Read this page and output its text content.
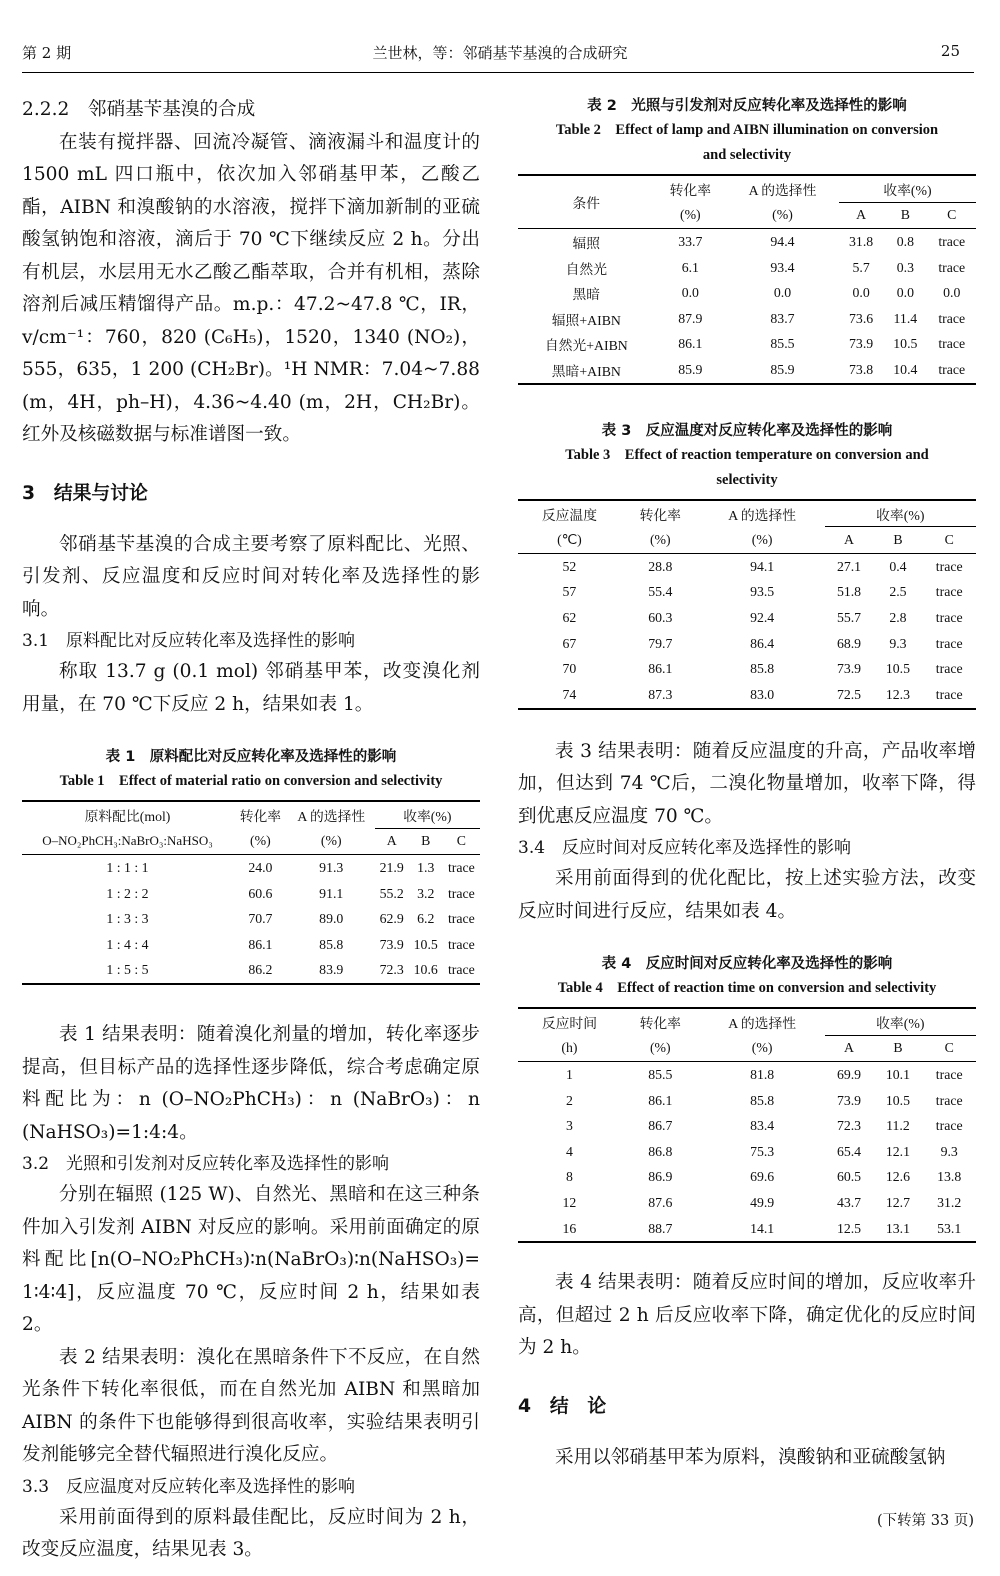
第 2 期	兰世林，等：邻硝基苄基溴的合成研究	25

2.2.2　邻硝基苄基溴的合成

在装有搅拌器、回流冷凝管、滴液漏斗和温度计的 1500 mL 四口瓶中，依次加入邻硝基甲苯，乙酸乙酯，AIBN 和溴酸钠的水溶液，搅拌下滴加新制的亚硫酸氢钠饱和溶液，滴后于 70 ℃下继续反应 2 h。分出有机层，水层用无水乙酸乙酯萃取，合并有机相，蒸除溶剂后减压精馏得产品。m.p.：47.2~47.8 ℃，IR，v/cm⁻¹：760，820 (C₆H₅)，1520，1340 (NO₂)，555，635，1 200 (CH₂Br)。¹H NMR：7.04~7.88 (m，4H，ph–H)，4.36~4.40 (m，2H，CH₂Br)。红外及核磁数据与标准谱图一致。

3　结果与讨论

邻硝基苄基溴的合成主要考察了原料配比、光照、引发剂、反应温度和反应时间对转化率及选择性的影响。

3.1　原料配比对反应转化率及选择性的影响

称取 13.7 g (0.1 mol) 邻硝基甲苯，改变溴化剂用量，在 70 ℃下反应 2 h，结果如表 1。

表 1　原料配比对反应转化率及选择性的影响
Table 1　Effect of material ratio on conversion and selectivity
原料配比(mol)	转化率	A 的选择性	收率(%)		
O–NO₂PhCH₃:NaBrO₃:NaHSO₃	(%)	(%)	A	B	C
1 : 1 : 1	24.0	91.3	21.9	1.3	trace
1 : 2 : 2	60.6	91.1	55.2	3.2	trace
1 : 3 : 3	70.7	89.0	62.9	6.2	trace
1 : 4 : 4	86.1	85.8	73.9	10.5	trace
1 : 5 : 5	86.2	83.9	72.3	10.6	trace

表 1 结果表明：随着溴化剂量的增加，转化率逐步提高，但目标产品的选择性逐步降低，综合考虑确定原料配比为：n (O–NO₂PhCH₃)：n (NaBrO₃)：n (NaHSO₃)=1:4:4。

3.2　光照和引发剂对反应转化率及选择性的影响

分别在辐照 (125 W)、自然光、黑暗和在这三种条件加入引发剂 AIBN 对反应的影响。采用前面确定的原料配比[n(O–NO₂PhCH₃)∶n(NaBrO₃)∶n(NaHSO₃)= 1∶4∶4]，反应温度 70 ℃，反应时间 2 h，结果如表 2。

表 2 结果表明：溴化在黑暗条件下不反应，在自然光条件下转化率很低，而在自然光加 AIBN 和黑暗加 AIBN 的条件下也能够得到很高收率，实验结果表明引发剂能够完全替代辐照进行溴化反应。

3.3　反应温度对反应转化率及选择性的影响

采用前面得到的原料最佳配比，反应时间为 2 h，改变反应温度，结果见表 3。

表 2　光照与引发剂对反应转化率及选择性的影响
Table 2　Effect of lamp and AIBN illumination on conversion
and selectivity
条件	转化率	A 的选择性	收率(%)		
	(%)	(%)	A	B	C
辐照	33.7	94.4	31.8	0.8	trace
自然光	6.1	93.4	5.7	0.3	trace
黑暗	0.0	0.0	0.0	0.0	0.0
辐照+AIBN	87.9	83.7	73.6	11.4	trace
自然光+AIBN	86.1	85.5	73.9	10.5	trace
黑暗+AIBN	85.9	85.9	73.8	10.4	trace
表 3　反应温度对反应转化率及选择性的影响
Table 3　Effect of reaction temperature on conversion and
selectivity
反应温度	转化率	A 的选择性	收率(%)		
(℃)	(%)	(%)	A	B	C
52	28.8	94.1	27.1	0.4	trace
57	55.4	93.5	51.8	2.5	trace
62	60.3	92.4	55.7	2.8	trace
67	79.7	86.4	68.9	9.3	trace
70	86.1	85.8	73.9	10.5	trace
74	87.3	83.0	72.5	12.3	trace

表 3 结果表明：随着反应温度的升高，产品收率增加，但达到 74 ℃后，二溴化物量增加，收率下降，得到优惠反应温度 70 ℃。

3.4　反应时间对反应转化率及选择性的影响

采用前面得到的优化配比，按上述实验方法，改变反应时间进行反应，结果如表 4。

表 4　反应时间对反应转化率及选择性的影响
Table 4　Effect of reaction time on conversion and selectivity
反应时间	转化率	A 的选择性	收率(%)		
(h)	(%)	(%)	A	B	C
1	85.5	81.8	69.9	10.1	trace
2	86.1	85.8	73.9	10.5	trace
3	86.7	83.4	72.3	11.2	trace
4	86.8	75.3	65.4	12.1	9.3
8	86.9	69.6	60.5	12.6	13.8
12	87.6	49.9	43.7	12.7	31.2
16	88.7	14.1	12.5	13.1	53.1

表 4 结果表明：随着反应时间的增加，反应收率升高，但超过 2 h 后反应收率下降，确定优化的反应时间为 2 h。

4　结　论

采用以邻硝基甲苯为原料，溴酸钠和亚硫酸氢钠

(下转第 33 页)
